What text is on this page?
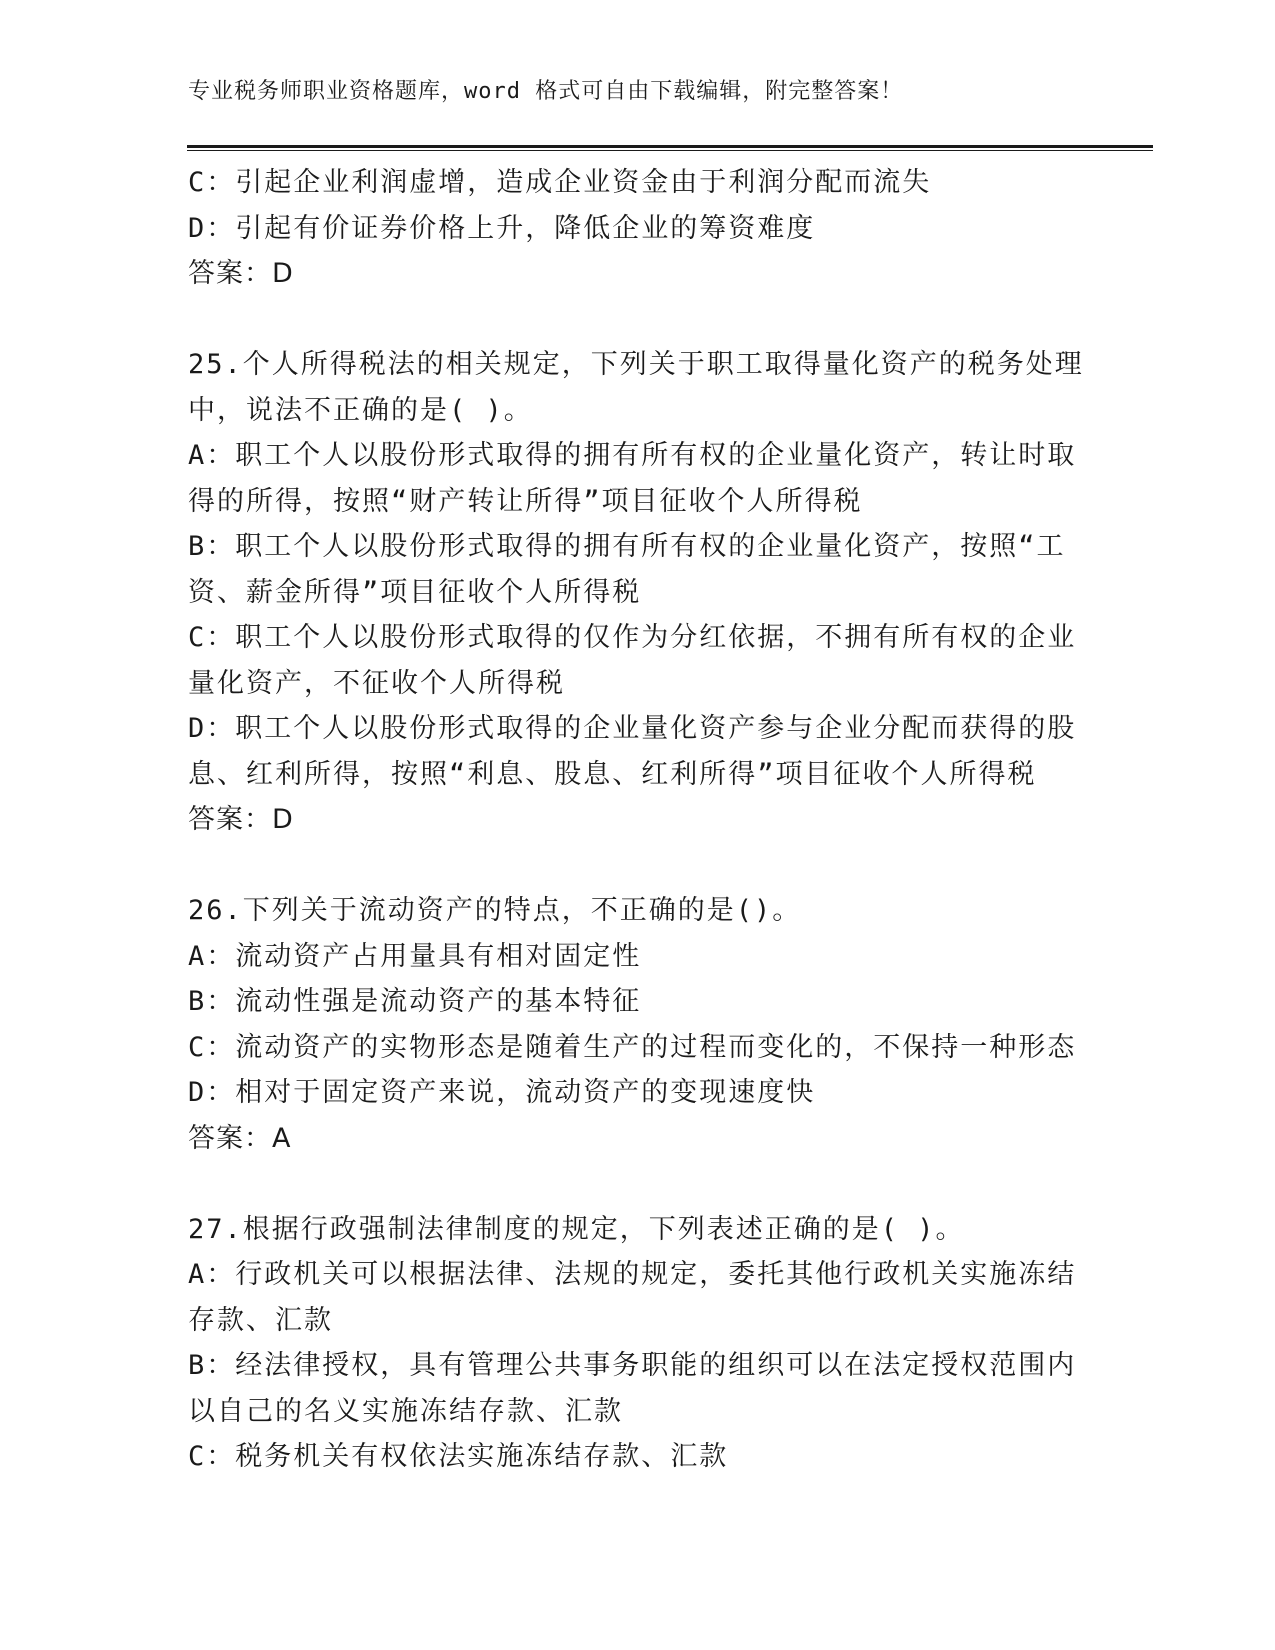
专业税务师职业资格题库，word 格式可自由下载编辑，附完整答案！
C：引起企业利润虚增，造成企业资金由于利润分配而流失
D：引起有价证券价格上升，降低企业的筹资难度
答案：D
25.个人所得税法的相关规定，下列关于职工取得量化资产的税务处理
中，说法不正确的是( )。
A：职工个人以股份形式取得的拥有所有权的企业量化资产，转让时取
得的所得，按照“财产转让所得”项目征收个人所得税
B：职工个人以股份形式取得的拥有所有权的企业量化资产，按照“工
资、薪金所得”项目征收个人所得税
C：职工个人以股份形式取得的仅作为分红依据，不拥有所有权的企业
量化资产，不征收个人所得税
D：职工个人以股份形式取得的企业量化资产参与企业分配而获得的股
息、红利所得，按照“利息、股息、红利所得”项目征收个人所得税
答案：D
26.下列关于流动资产的特点，不正确的是()。
A：流动资产占用量具有相对固定性
B：流动性强是流动资产的基本特征
C：流动资产的实物形态是随着生产的过程而变化的，不保持一种形态
D：相对于固定资产来说，流动资产的变现速度快
答案：A
27.根据行政强制法律制度的规定，下列表述正确的是( )。
A：行政机关可以根据法律、法规的规定，委托其他行政机关实施冻结
存款、汇款
B：经法律授权，具有管理公共事务职能的组织可以在法定授权范围内
以自己的名义实施冻结存款、汇款
C：税务机关有权依法实施冻结存款、汇款
